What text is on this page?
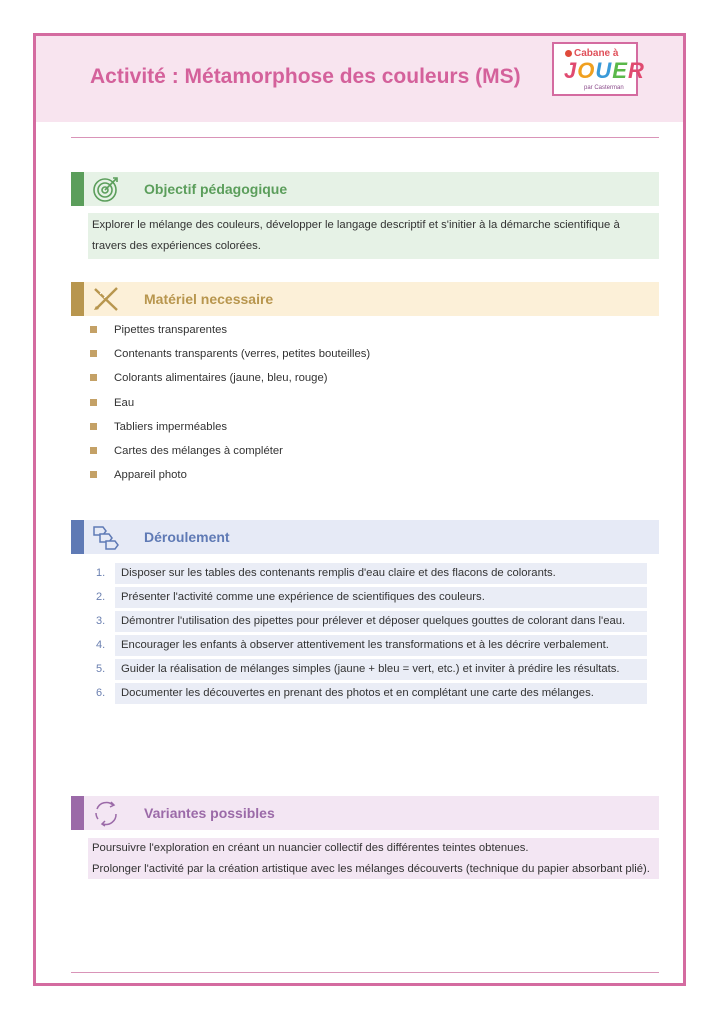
Activité : Métamorphose des couleurs (MS)
Cabane à
JOUER
par Casterman
Objectif pédagogique

Explorer le mélange des couleurs, développer le langage descriptif et s'initier à la démarche scientifique à travers des expériences colorées.

Matériel necessaire
Pipettes transparentes
Contenants transparents (verres, petites bouteilles)
Colorants alimentaires (jaune, bleu, rouge)
Eau
Tabliers imperméables
Cartes des mélanges à compléter
Appareil photo
Déroulement
1.	Disposer sur les tables des contenants remplis d'eau claire et des flacons de colorants.
2.	Présenter l'activité comme une expérience de scientifiques des couleurs.
3.	Démontrer l'utilisation des pipettes pour prélever et déposer quelques gouttes de colorant dans l'eau.
4.	Encourager les enfants à observer attentivement les transformations et à les décrire verbalement.
5.	Guider la réalisation de mélanges simples (jaune + bleu = vert, etc.) et inviter à prédire les résultats.
6.	Documenter les découvertes en prenant des photos et en complétant une carte des mélanges.
Variantes possibles

Poursuivre l'exploration en créant un nuancier collectif des différentes teintes obtenues.

Prolonger l'activité par la création artistique avec les mélanges découverts (technique du papier absorbant plié).
